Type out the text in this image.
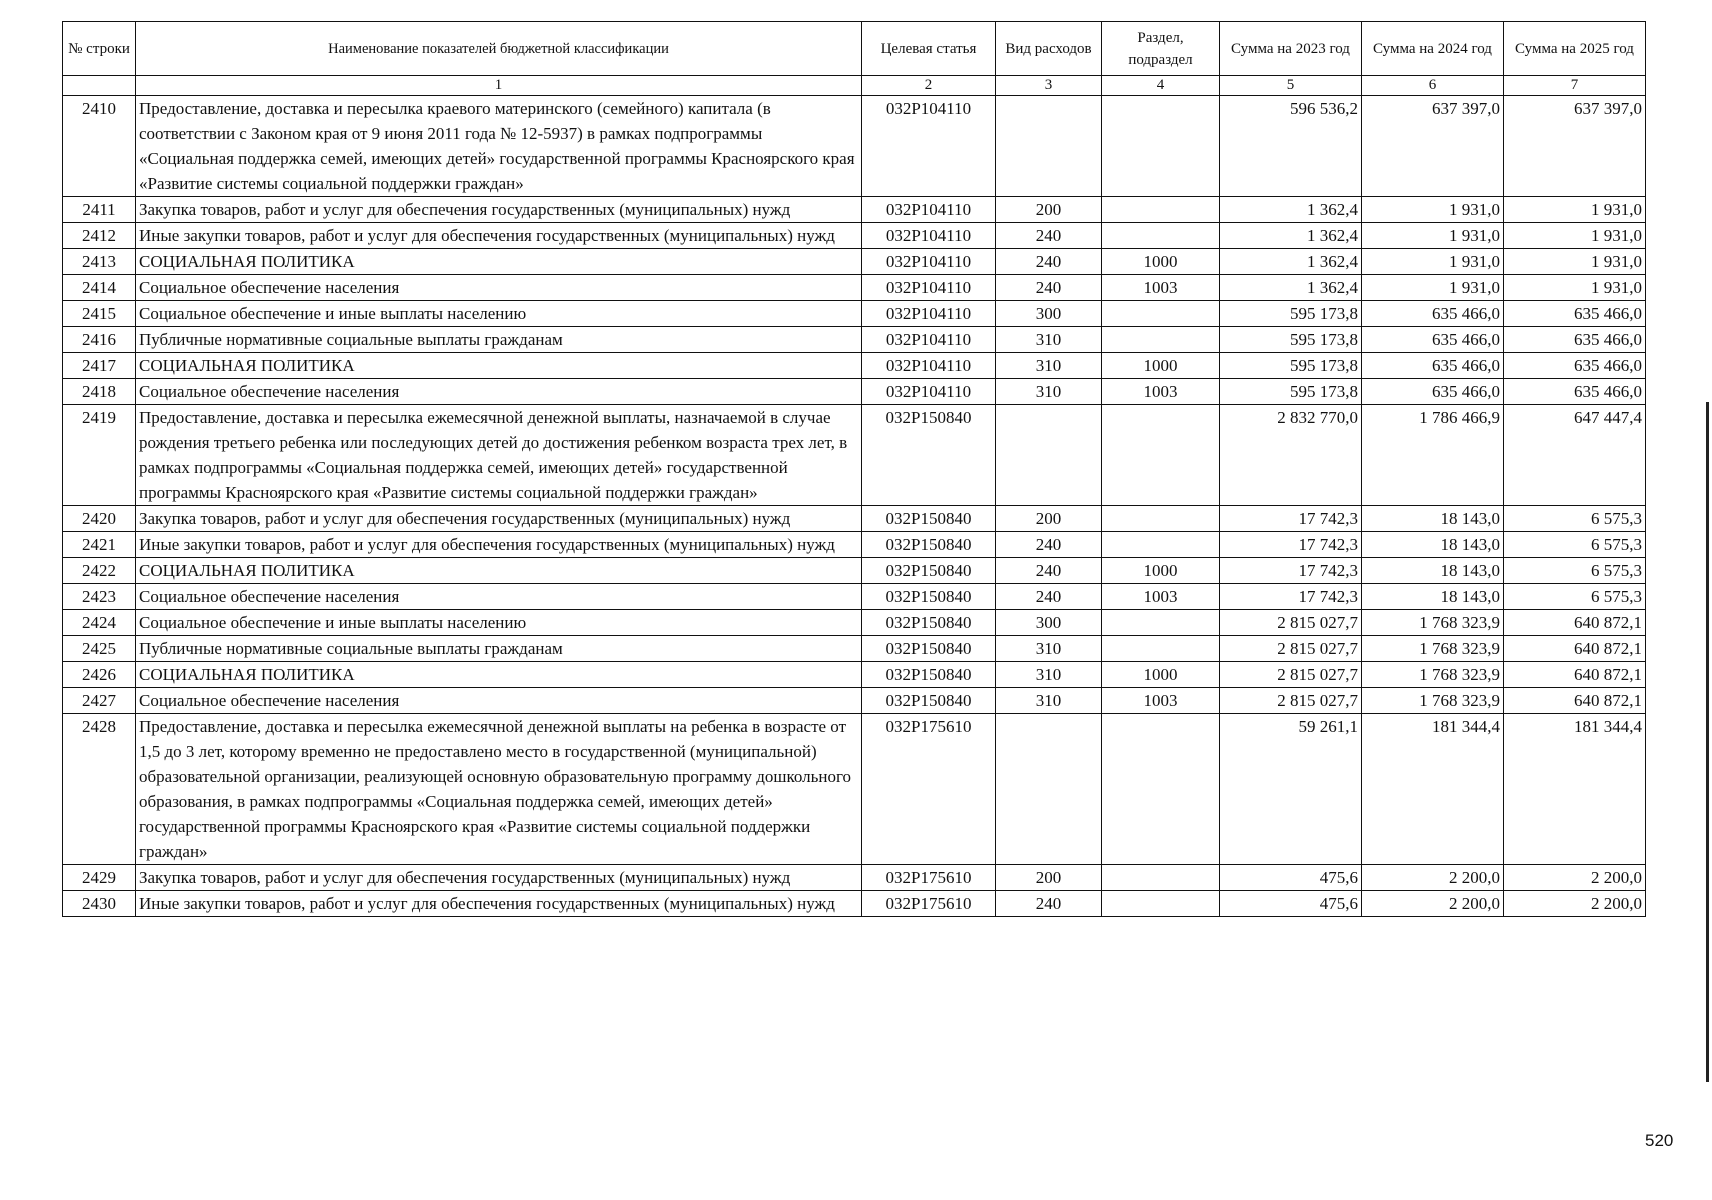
№ строки	Наименование показателей бюджетной классификации	Целевая статья	Вид расходов	Раздел, подраздел	Сумма на 2023 год	Сумма на 2024 год	Сумма на 2025 год
	1	2	3	4	5	6	7
2410	Предоставление, доставка и пересылка краевого материнского (семейного) капитала (в соответствии с Законом края от 9 июня 2011 года № 12-5937) в рамках подпрограммы «Социальная поддержка семей, имеющих детей» государственной программы Красноярского края «Развитие системы социальной поддержки граждан»	032P104110			596 536,2	637 397,0	637 397,0
2411	Закупка товаров, работ и услуг для обеспечения государственных (муниципальных) нужд	032P104110	200		1 362,4	1 931,0	1 931,0
2412	Иные закупки товаров, работ и услуг для обеспечения государственных (муниципальных) нужд	032P104110	240		1 362,4	1 931,0	1 931,0
2413	СОЦИАЛЬНАЯ ПОЛИТИКА	032P104110	240	1000	1 362,4	1 931,0	1 931,0
2414	Социальное обеспечение населения	032P104110	240	1003	1 362,4	1 931,0	1 931,0
2415	Социальное обеспечение и иные выплаты населению	032P104110	300		595 173,8	635 466,0	635 466,0
2416	Публичные нормативные социальные выплаты гражданам	032P104110	310		595 173,8	635 466,0	635 466,0
2417	СОЦИАЛЬНАЯ ПОЛИТИКА	032P104110	310	1000	595 173,8	635 466,0	635 466,0
2418	Социальное обеспечение населения	032P104110	310	1003	595 173,8	635 466,0	635 466,0
2419	Предоставление, доставка и пересылка ежемесячной денежной выплаты, назначаемой в случае рождения третьего ребенка или последующих детей до достижения ребенком возраста трех лет, в рамках подпрограммы «Социальная поддержка семей, имеющих детей» государственной программы Красноярского края «Развитие системы социальной поддержки граждан»	032P150840			2 832 770,0	1 786 466,9	647 447,4
2420	Закупка товаров, работ и услуг для обеспечения государственных (муниципальных) нужд	032P150840	200		17 742,3	18 143,0	6 575,3
2421	Иные закупки товаров, работ и услуг для обеспечения государственных (муниципальных) нужд	032P150840	240		17 742,3	18 143,0	6 575,3
2422	СОЦИАЛЬНАЯ ПОЛИТИКА	032P150840	240	1000	17 742,3	18 143,0	6 575,3
2423	Социальное обеспечение населения	032P150840	240	1003	17 742,3	18 143,0	6 575,3
2424	Социальное обеспечение и иные выплаты населению	032P150840	300		2 815 027,7	1 768 323,9	640 872,1
2425	Публичные нормативные социальные выплаты гражданам	032P150840	310		2 815 027,7	1 768 323,9	640 872,1
2426	СОЦИАЛЬНАЯ ПОЛИТИКА	032P150840	310	1000	2 815 027,7	1 768 323,9	640 872,1
2427	Социальное обеспечение населения	032P150840	310	1003	2 815 027,7	1 768 323,9	640 872,1
2428	Предоставление, доставка и пересылка ежемесячной денежной выплаты на ребенка в возрасте от 1,5 до 3 лет, которому временно не предоставлено место в государственной (муниципальной) образовательной организации, реализующей основную образовательную программу дошкольного образования, в рамках подпрограммы «Социальная поддержка семей, имеющих детей» государственной программы Красноярского края «Развитие системы социальной поддержки граждан»	032P175610			59 261,1	181 344,4	181 344,4
2429	Закупка товаров, работ и услуг для обеспечения государственных (муниципальных) нужд	032P175610	200		475,6	2 200,0	2 200,0
2430	Иные закупки товаров, работ и услуг для обеспечения государственных (муниципальных) нужд	032P175610	240		475,6	2 200,0	2 200,0
520
